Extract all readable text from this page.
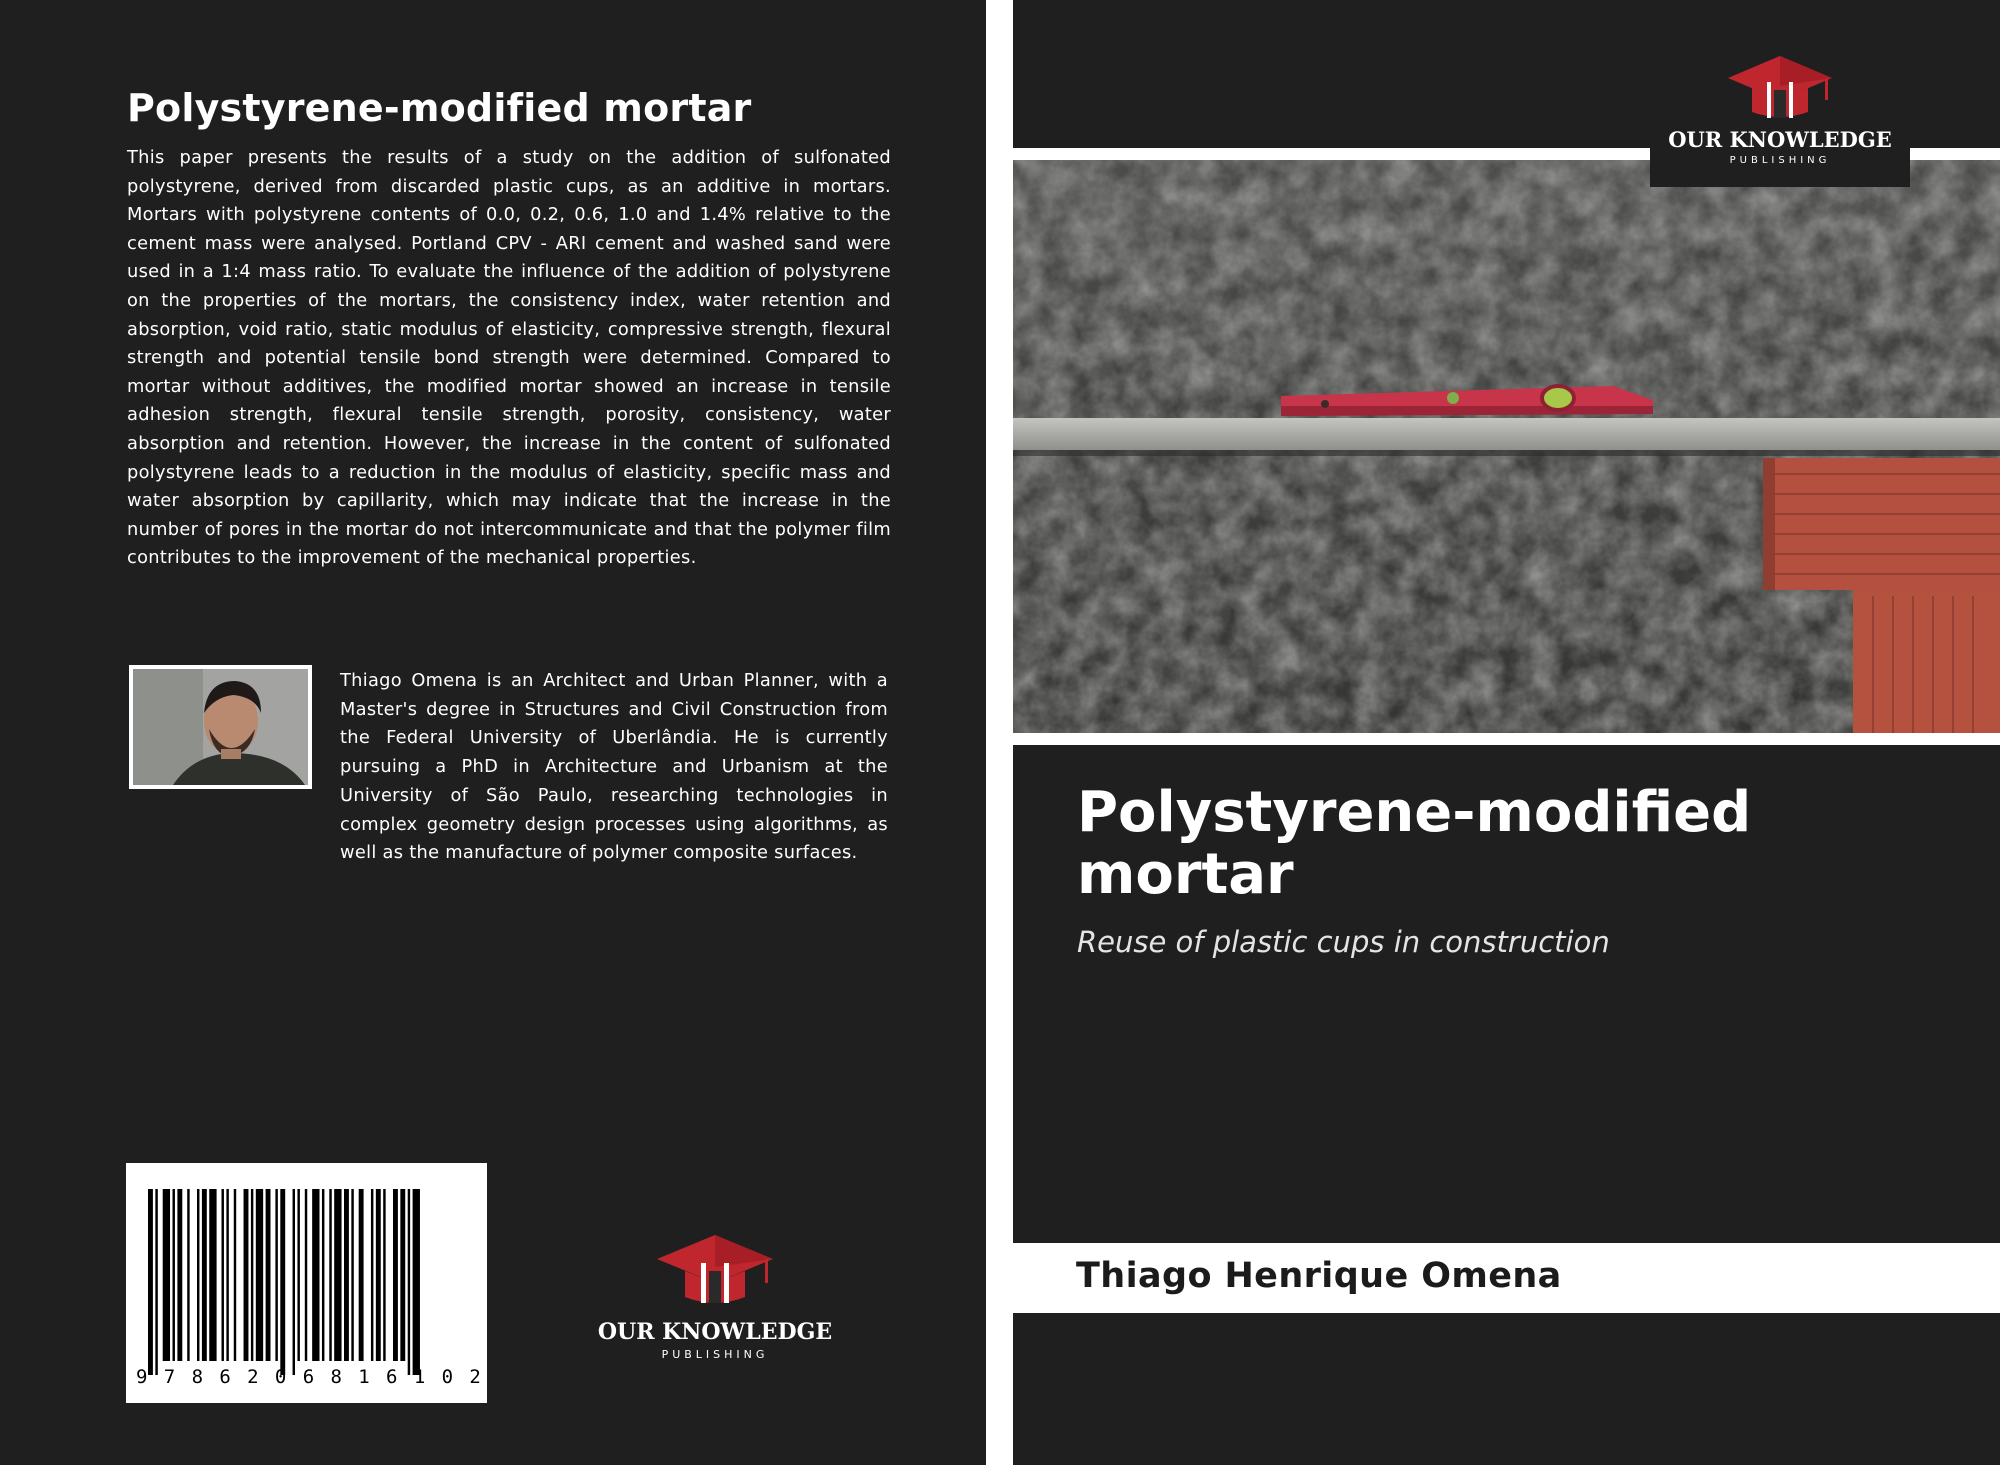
Polystyrene-modified mortar
This paper presents the results of a study on the addition of sulfonated polystyrene, derived from discarded plastic cups, as an additive in mortars. Mortars with polystyrene contents of 0.0, 0.2, 0.6, 1.0 and 1.4% relative to the cement mass were analysed. Portland CPV - ARI cement and washed sand were used in a 1:4 mass ratio. To evaluate the influence of the addition of polystyrene on the properties of the mortars, the consistency index, water retention and absorption, void ratio, static modulus of elasticity, compressive strength, flexural strength and potential tensile bond strength were determined. Compared to mortar without additives, the modified mortar showed an increase in tensile adhesion strength, flexural tensile strength, porosity, consistency, water absorption and retention. However, the increase in the content of sulfonated polystyrene leads to a reduction in the modulus of elasticity, specific mass and water absorption by capillarity, which may indicate that the increase in the number of pores in the mortar do not intercommunicate and that the polymer film contributes to the improvement of the mechanical properties.
Thiago Omena is an Architect and Urban Planner, with a Master's degree in Structures and Civil Construction from the Federal University of Uberlândia. He is currently pursuing a PhD in Architecture and Urbanism at the University of São Paulo, researching technologies in complex geometry design processes using algorithms, as well as the manufacture of polymer composite surfaces.
9 7 8 6 2 0 6 8 1 6 1 0 2
OUR KNOWLEDGE
PUBLISHING
OUR KNOWLEDGE
PUBLISHING
Polystyrene-modified mortar
Reuse of plastic cups in construction
Thiago Henrique Omena
